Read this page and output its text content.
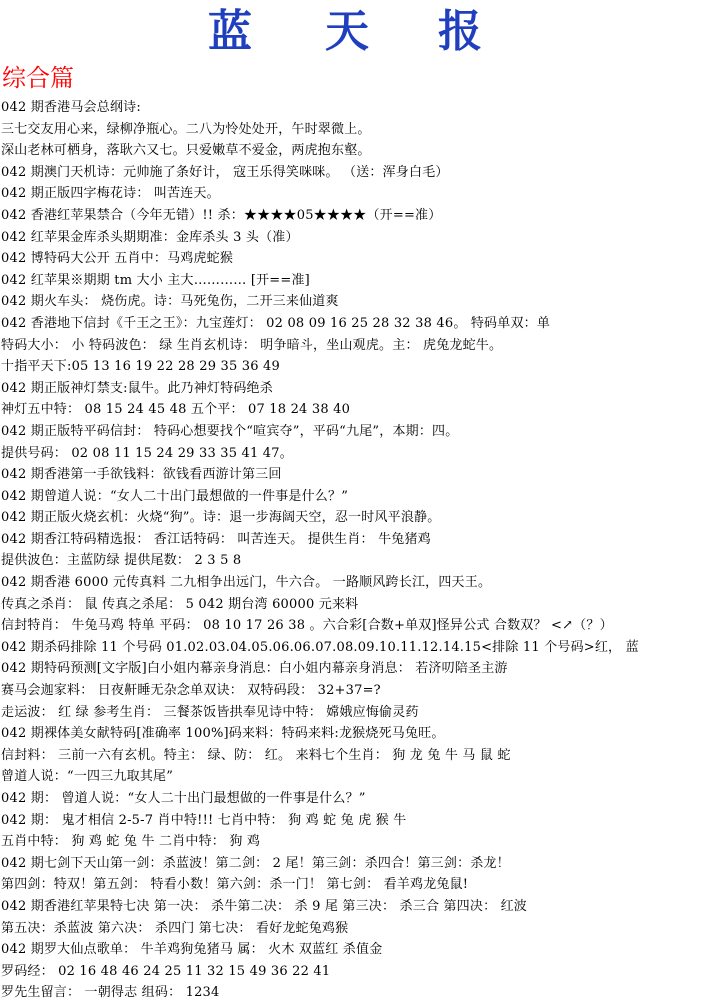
蓝 天 报
综合篇
042 期香港马会总纲诗:
三七交友用心来，绿柳净瓶心。二八为怜处处开，午时翠微上。
深山老林可栖身，落耿六又七。只爱嫩草不爱金，两虎抱东壑。
042 期澳门天机诗：元帅施了条好计， 寇王乐得笑咪咪。 （送：浑身白毛）
042 期正版四字梅花诗： 叫苦连天。
042 香港红苹果禁合（今年无错）!! 杀：★★★★05★★★★（开==准）
042 红苹果金库杀头期期准：金库杀头 3 头（准）
042 博特码大公开 五肖中：马鸡虎蛇猴
042 红苹果※期期 tm 大小 主大………… [开==准]
042 期火车头： 烧伤虎。诗：马死兔伤，二开三来仙道爽
042 香港地下信封《千王之王》：九宝莲灯： 02 08 09 16 25 28 32 38 46。 特码单双：单
特码大小： 小 特码波色： 绿 生肖玄机诗： 明争暗斗，坐山观虎。主： 虎兔龙蛇牛。
十指平天下:05 13 16 19 22 28 29 35 36 49
042 期正版神灯禁支:鼠牛。此乃神灯特码绝杀
神灯五中特： 08 15 24 45 48 五个平： 07 18 24 38 40
042 期正版特平码信封： 特码心想要找个“喧宾夺”，平码“九尾”，本期：四。
提供号码： 02 08 11 15 24 29 33 35 41 47。
042 期香港第一手欲钱料：欲钱看西游计第三回
042 期曾道人说：“女人二十出门最想做的一件事是什么？”
042 期正版火烧玄机：火烧“狗”。诗：退一步海阔天空，忍一时风平浪静。
042 期香江特码精选报： 香江话特码： 叫苦连天。 提供生肖： 牛兔猪鸡
提供波色：主蓝防绿 提供尾数： 2 3 5 8
042 期香港 6000 元传真料 二九相争出远门，牛六合。 一路顺风跨长江，四天王。
传真之杀肖： 鼠 传真之杀尾： 5 042 期台湾 60000 元来料
信封特肖： 牛兔马鸡 特单 平码： 08 10 17 26 38 。六合彩[合数+单双]怪异公式 合数双？ <↗（？）
042 期杀码排除 11 个号码 01.02.03.04.05.06.06.07.08.09.10.11.12.14.15<排除 11 个号码>红， 蓝
042 期特码预测[文字版]白小姐内幕亲身消息：白小姐内幕亲身消息： 若济叨陪圣主游
赛马会迦家料： 日夜鼾睡无杂念单双诀： 双特码段： 32+37=?
走运波： 红 绿 参考生肖： 三餐茶饭皆拱奉见诗中特： 嫦娥应悔偷灵药
042 期裸体美女献特码[准确率 100%]码来料：特码来料:龙猴烧死马兔旺。
信封料： 三前一六有玄机。特主： 绿、防： 红。 来料七个生肖： 狗 龙 兔 牛 马 鼠 蛇
曾道人说：“一四三九取其尾”
042 期： 曾道人说：“女人二十出门最想做的一件事是什么？”
042 期： 鬼才相信 2-5-7 肖中特!!! 七肖中特： 狗 鸡 蛇 兔 虎 猴 牛
五肖中特： 狗 鸡 蛇 兔 牛 二肖中特： 狗 鸡
042 期七剑下天山第一剑：杀蓝波！第二剑： 2 尾！第三剑：杀四合！第三剑：杀龙！
第四剑：特双！第五剑： 特看小数！第六剑：杀一门！ 第七剑： 看羊鸡龙兔鼠!
042 期香港红苹果特七决 第一决： 杀牛第二决： 杀 9 尾 第三决： 杀三合 第四决： 红波
第五决：杀蓝波 第六决： 杀四门 第七决： 看好龙蛇兔鸡猴
042 期罗大仙点歌单： 牛羊鸡狗兔猪马 属： 火木 双蓝红 杀值金
罗码经： 02 16 48 46 24 25 11 32 15 49 36 22 41
罗先生留言： 一朝得志 组码： 1234
